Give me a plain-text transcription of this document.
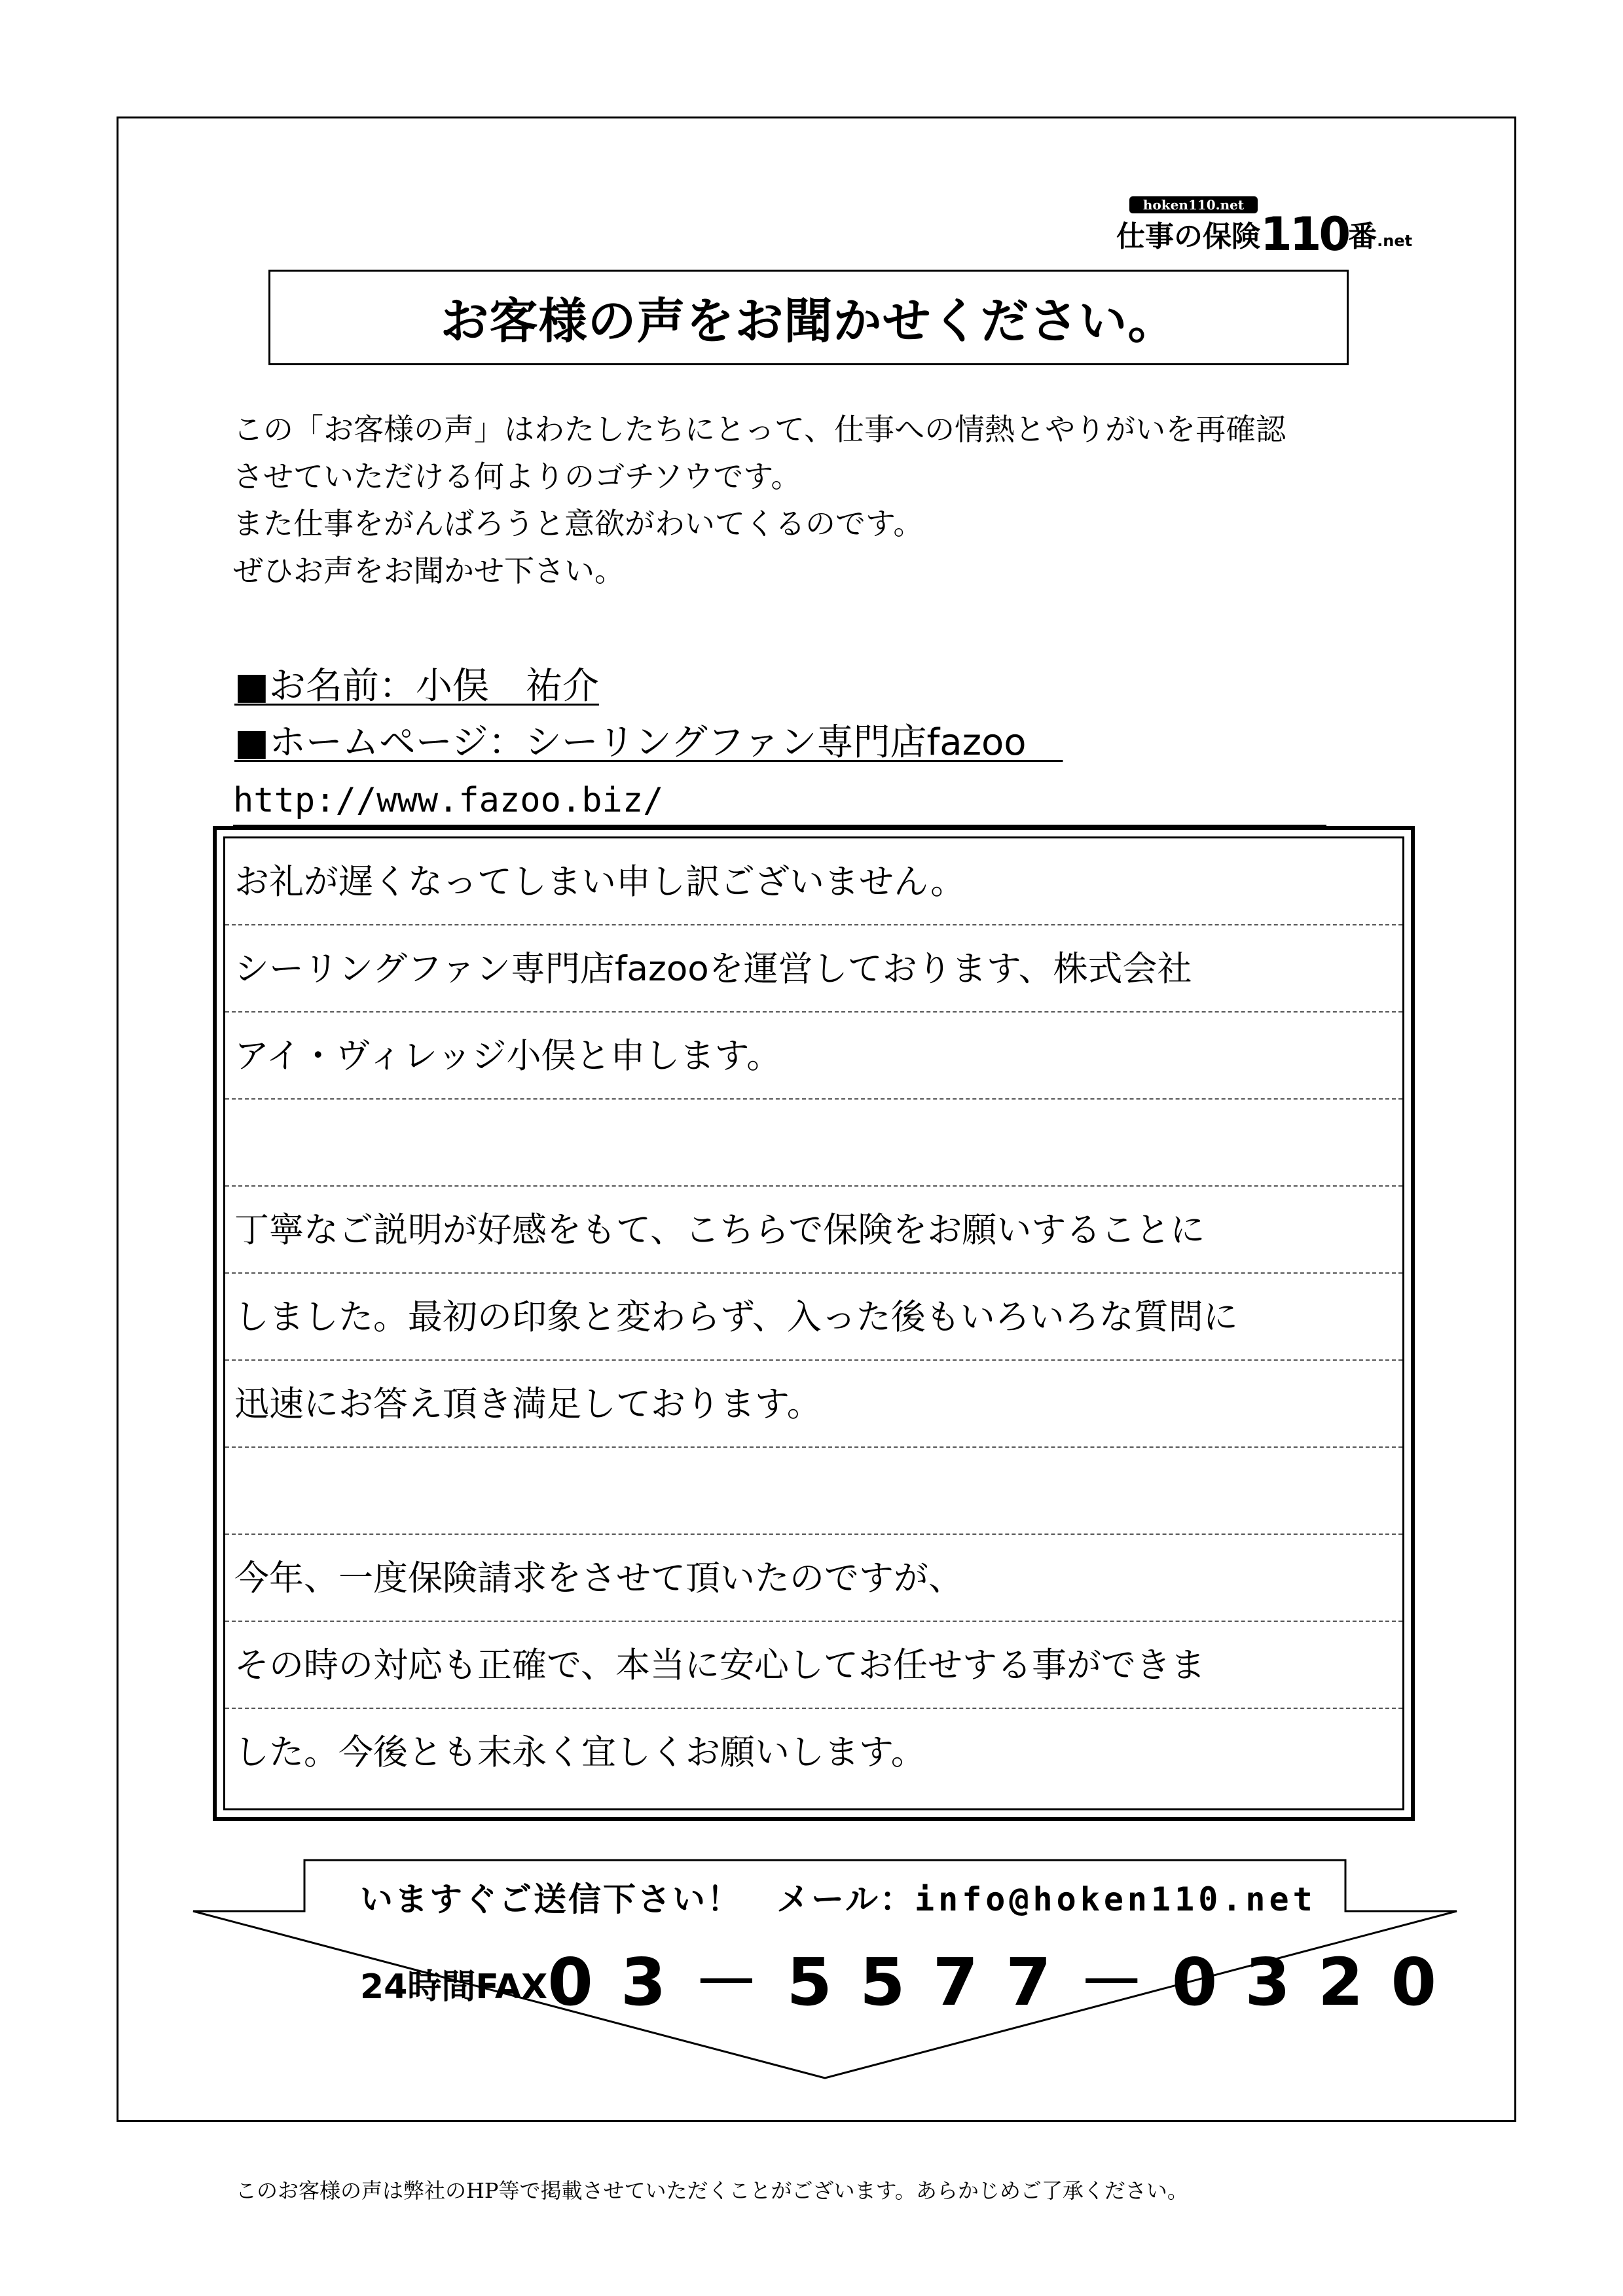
hoken110.net
仕事の保険110番.net
お客様の声をお聞かせください。
この「お客様の声」はわたしたちにとって、仕事への情熱とやりがいを再確認
させていただける何よりのゴチソウです。
また仕事をがんばろうと意欲がわいてくるのです。
ぜひお声をお聞かせ下さい。
■お名前：小俣　祐介
■ホームページ：シーリングファン専門店fazoo 
http://www.fazoo.biz/
お礼が遅くなってしまい申し訳ございません。
シーリングファン専門店fazooを運営しております、株式会社
アイ・ヴィレッジ小俣と申します。
丁寧なご説明が好感をもて、こちらで保険をお願いすることに
しました。最初の印象と変わらず、入った後もいろいろな質問に
迅速にお答え頂き満足しております。
今年、一度保険請求をさせて頂いたのですが、
その時の対応も正確で、本当に安心してお任せする事ができま
した。今後とも末永く宜しくお願いします。
いますぐご送信下さい！  メール：info@hoken110.net
24時間FAX03－5577－0320
このお客様の声は弊社のHP等で掲載させていただくことがございます。あらかじめご了承ください。
